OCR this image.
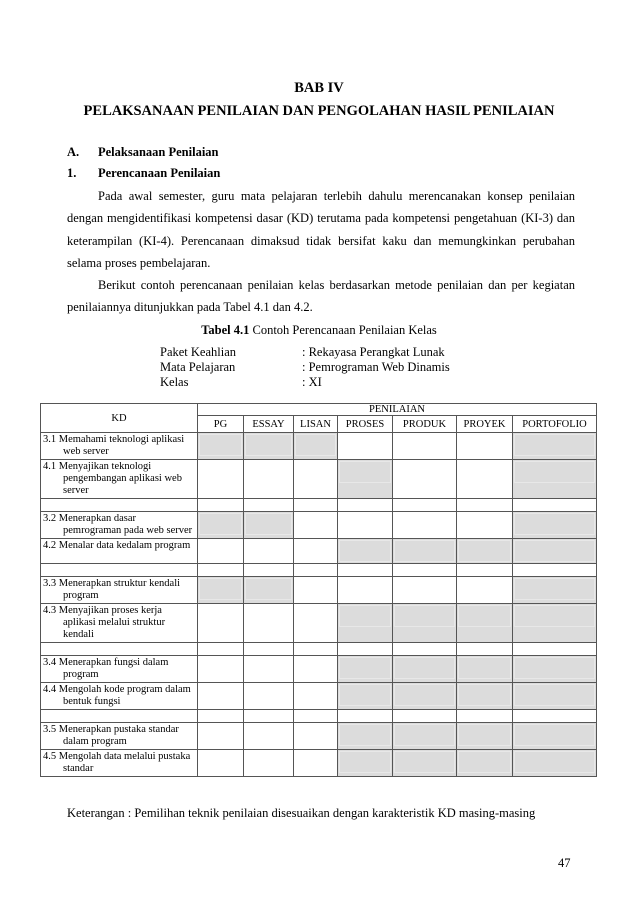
BAB IV
PELAKSANAAN PENILAIAN DAN PENGOLAHAN HASIL PENILAIAN
A. Pelaksanaan Penilaian
1. Perencanaan Penilaian
Pada awal semester, guru mata pelajaran terlebih dahulu merencanakan konsep penilaian
dengan mengidentifikasi kompetensi dasar (KD) terutama pada kompetensi pengetahuan (KI-3) dan
keterampilan (KI-4). Perencanaan dimaksud tidak bersifat kaku dan memungkinkan perubahan
selama proses pembelajaran.
Berikut contoh perencanaan penilaian kelas berdasarkan metode penilaian dan per kegiatan
penilaiannya ditunjukkan pada Tabel 4.1 dan 4.2.
Tabel 4.1 Contoh Perencanaan Penilaian Kelas
Paket Keahlian	: Rekayasa Perangkat Lunak
Mata Pelajaran	: Pemrograman Web Dinamis
Kelas	: XI
KD	PENILAIAN						
	PG	ESSAY	LISAN	PROSES	PRODUK	PROYEK	PORTOFOLIO

3.1 Memahami teknologi aplikasi web server							

4.1 Menyajikan teknologi pengembangan aplikasi web server							

3.2 Menerapkan dasar pemrograman pada web server							

4.2 Menalar data kedalam program							

3.3 Menerapkan struktur kendali program							

4.3 Menyajikan proses kerja aplikasi melalui struktur kendali							

3.4 Menerapkan fungsi dalam program							

4.4 Mengolah kode program dalam bentuk fungsi							

3.5 Menerapkan pustaka standar dalam program							

4.5 Mengolah data melalui pustaka standar							

Keterangan : Pemilihan teknik penilaian disesuaikan dengan karakteristik KD masing-masing
47
